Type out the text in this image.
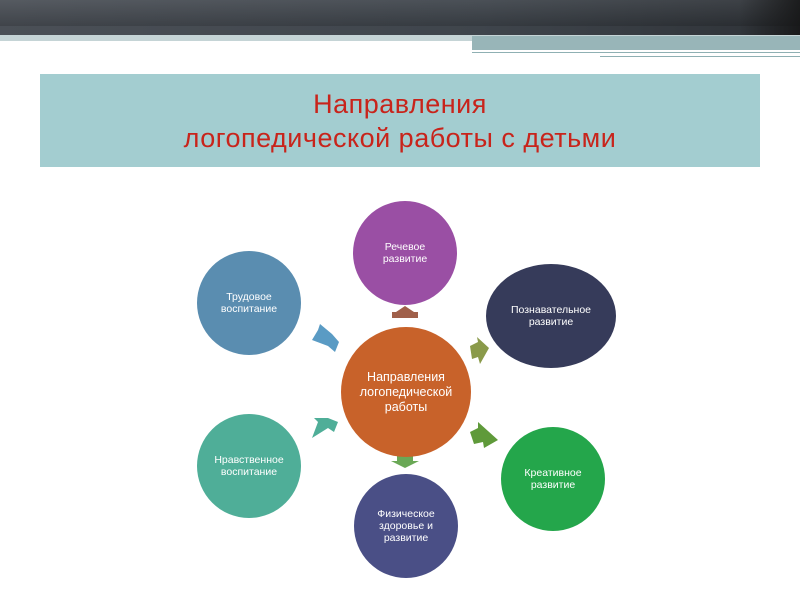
Направления
логопедической работы с детьми
Направления логопедической работы
Речевое развитие
Познавательное развитие
Креативное развитие
Физическое здоровье и развитие
Нравственное воспитание
Трудовое воспитание
